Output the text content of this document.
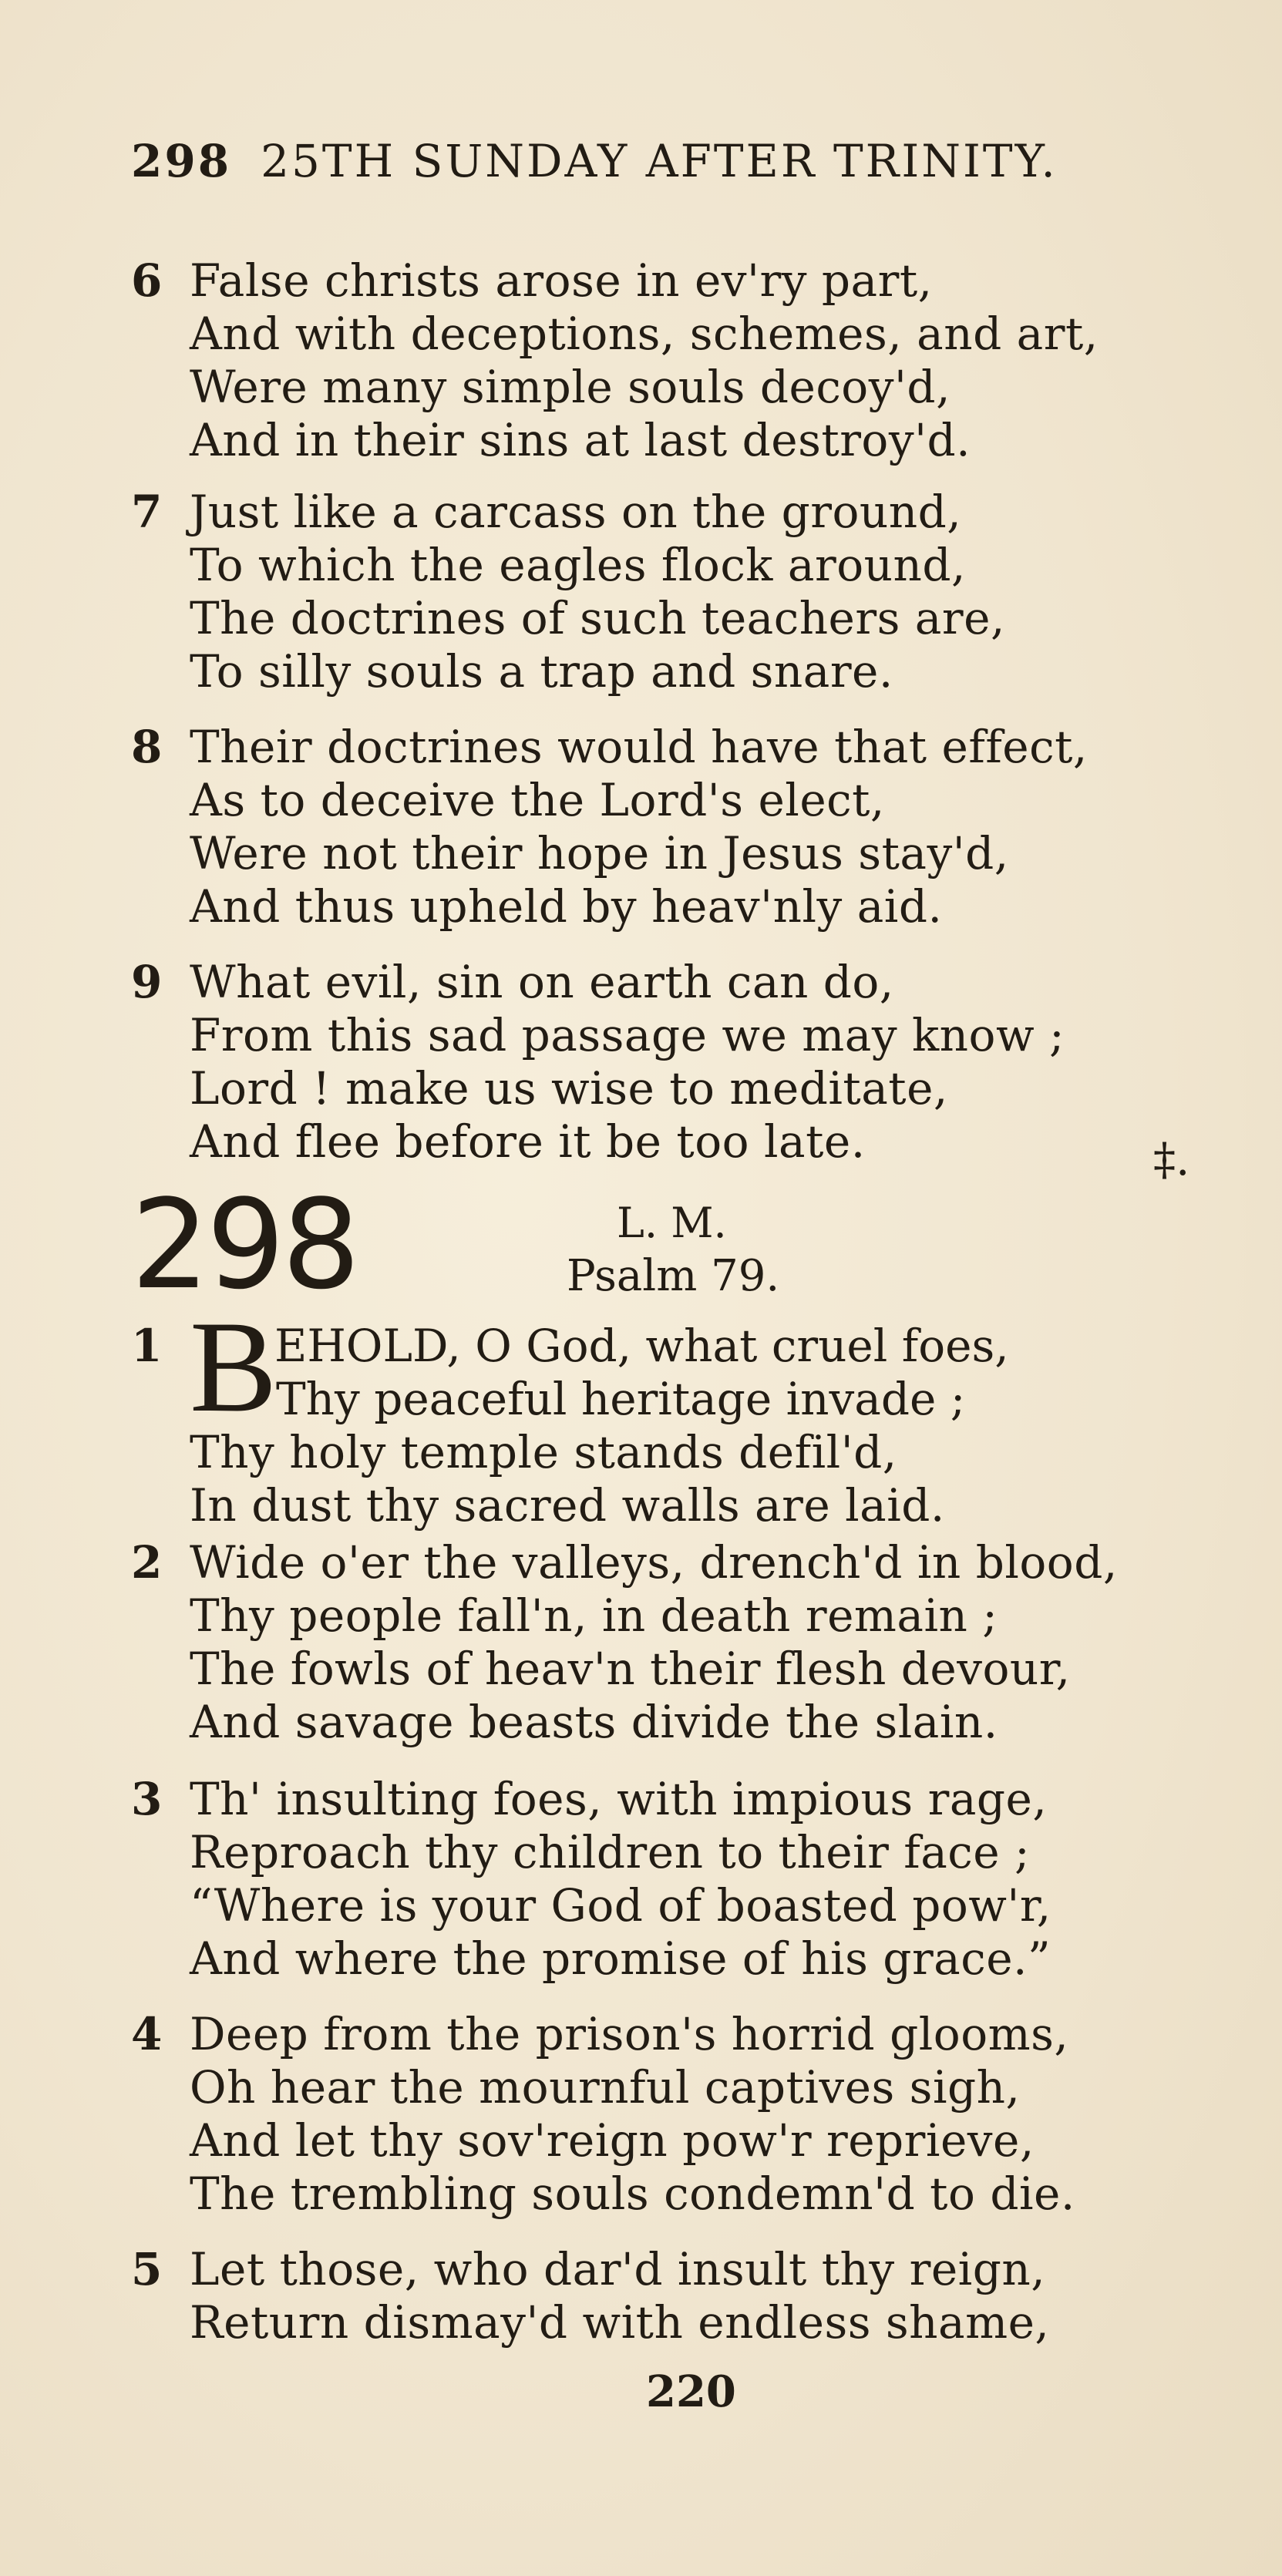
298 25TH SUNDAY AFTER TRINITY.
6 False christs arose in ev'ry part,
And with deceptions, schemes, and art,
Were many simple souls decoy'd,
And in their sins at last destroy'd.
7 Just like a carcass on the ground,
To which the eagles flock around,
The doctrines of such teachers are,
To silly souls a trap and snare.
8 Their doctrines would have that effect,
As to deceive the Lord's elect,
Were not their hope in Jesus stay'd,
And thus upheld by heav'nly aid.
9 What evil, sin on earth can do,
From this sad passage we may know ;
Lord ! make us wise to meditate,
And flee before it be too late.	‡.
298	L. M.
Psalm 79.
1	EHOLD, O God, what cruel foes,
B
Thy peaceful heritage invade ;
Thy holy temple stands defil'd,
In dust thy sacred walls are laid.
2 Wide o'er the valleys, drench'd in blood,
Thy people fall'n, in death remain ;
The fowls of heav'n their flesh devour,
And savage beasts divide the slain.
3 Th' insulting foes, with impious rage,
Reproach thy children to their face ;
“Where is your God of boasted pow'r,
And where the promise of his grace.”
4 Deep from the prison's horrid glooms,
Oh hear the mournful captives sigh,
And let thy sov'reign pow'r reprieve,
The trembling souls condemn'd to die.
5 Let those, who dar'd insult thy reign,
Return dismay'd with endless shame,
220
